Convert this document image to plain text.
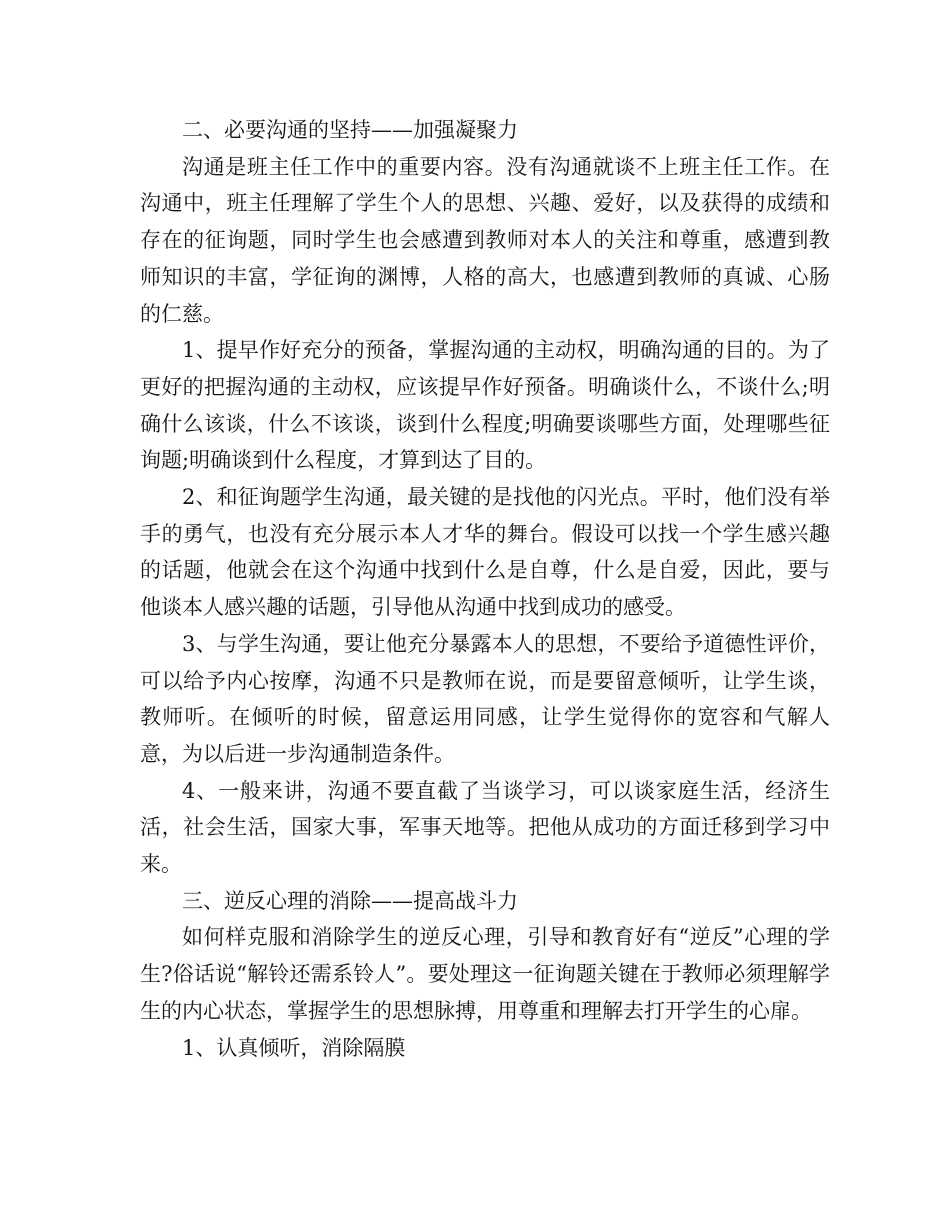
二、必要沟通的坚持——加强凝聚力

沟通是班主任工作中的重要内容。没有沟通就谈不上班主任工作。在沟通中，班主任理解了学生个人的思想、兴趣、爱好，以及获得的成绩和存在的征询题，同时学生也会感遭到教师对本人的关注和尊重，感遭到教师知识的丰富，学征询的渊博，人格的高大，也感遭到教师的真诚、心肠的仁慈。

1、提早作好充分的预备，掌握沟通的主动权，明确沟通的目的。为了更好的把握沟通的主动权，应该提早作好预备。明确谈什么，不谈什么;明确什么该谈，什么不该谈，谈到什么程度;明确要谈哪些方面，处理哪些征询题;明确谈到什么程度，才算到达了目的。

2、和征询题学生沟通，最关键的是找他的闪光点。平时，他们没有举手的勇气，也没有充分展示本人才华的舞台。假设可以找一个学生感兴趣的话题，他就会在这个沟通中找到什么是自尊，什么是自爱，因此，要与他谈本人感兴趣的话题，引导他从沟通中找到成功的感受。

3、与学生沟通，要让他充分暴露本人的思想，不要给予道德性评价，可以给予内心按摩，沟通不只是教师在说，而是要留意倾听，让学生谈，教师听。在倾听的时候，留意运用同感，让学生觉得你的宽容和气解人意，为以后进一步沟通制造条件。

4、一般来讲，沟通不要直截了当谈学习，可以谈家庭生活，经济生活，社会生活，国家大事，军事天地等。把他从成功的方面迁移到学习中来。

三、逆反心理的消除——提高战斗力

如何样克服和消除学生的逆反心理，引导和教育好有“逆反”心理的学生?俗话说“解铃还需系铃人”。要处理这一征询题关键在于教师必须理解学生的内心状态，掌握学生的思想脉搏，用尊重和理解去打开学生的心扉。

1、认真倾听，消除隔膜
